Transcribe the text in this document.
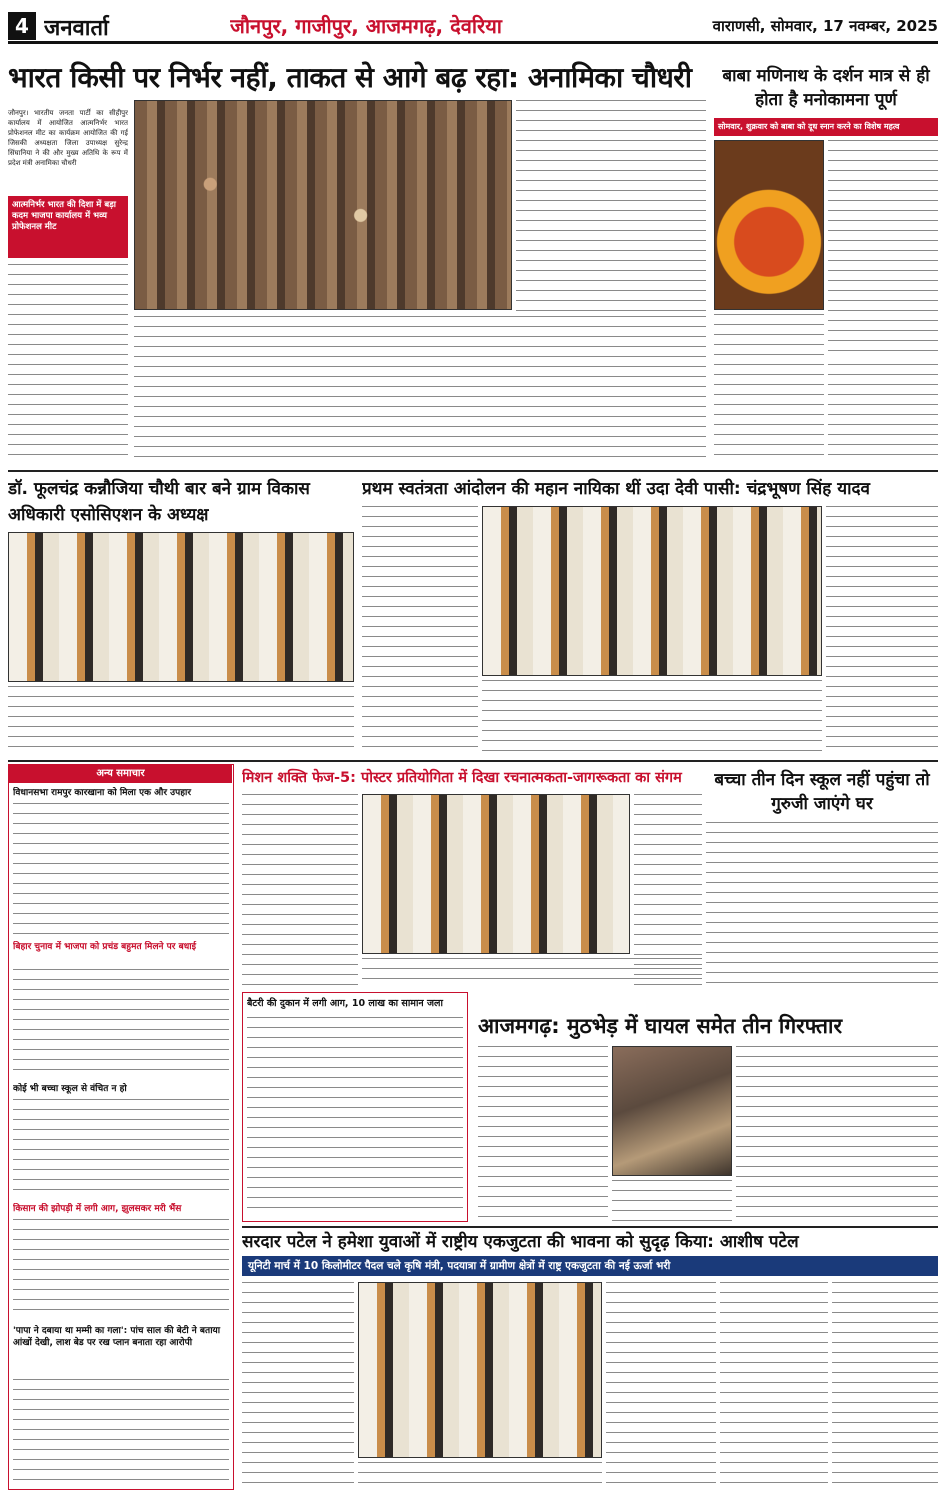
4 जनवार्ता	जौनपुर, गाजीपुर, आजमगढ़, देवरिया	वाराणसी, सोमवार, 17 नवम्बर, 2025
भारत किसी पर निर्भर नहीं, ताकत से आगे बढ़ रहा: अनामिका चौधरी
जौनपुर। भारतीय जनता पार्टी का सीहीपुर कार्यालय में आयोजित आत्मनिर्भर भारत प्रोफेशनल मीट का कार्यक्रम आयोजित की गई जिसकी अध्यक्षता जिला उपाध्यक्ष सुरेन्द्र सिंघानिया ने की और मुख्य अतिथि के रूप में प्रदेश मंत्री अनामिका चौधरी
आत्मनिर्भर भारत की दिशा में बड़ा कदम भाजपा कार्यालय में भव्य प्रोफेशनल मीट
बाबा मणिनाथ के दर्शन मात्र से ही होता है मनोकामना पूर्ण
सोमवार, शुक्रवार को बाबा को दूध स्नान करने का विशेष महत्व
डॉ. फूलचंद्र कन्नौजिया चौथी बार बने ग्राम विकास अधिकारी एसोसिएशन के अध्यक्ष
प्रथम स्वतंत्रता आंदोलन की महान नायिका थीं उदा देवी पासी: चंद्रभूषण सिंह यादव
अन्य समाचार
विधानसभा रामपुर कारखाना को मिला एक और उपहार
बिहार चुनाव में भाजपा को प्रचंड बहुमत मिलने पर बधाई
कोई भी बच्चा स्कूल से वंचित न हो
किसान की झोपड़ी में लगी आग, झुलसकर मरी भैंस
'पापा ने दबाया था मम्मी का गला': पांच साल की बेटी ने बताया आंखों देखी, लाश बेड पर रख प्लान बनाता रहा आरोपी
मिशन शक्ति फेज-5: पोस्टर प्रतियोगिता में दिखा रचनात्मकता-जागरूकता का संगम	बच्चा तीन दिन स्कूल नहीं पहुंचा तो गुरुजी जाएंगे घर
बैटरी की दुकान में लगी आग, 10 लाख का सामान जला
आजमगढ़: मुठभेड़ में घायल समेत तीन गिरफ्तार
सरदार पटेल ने हमेशा युवाओं में राष्ट्रीय एकजुटता की भावना को सुदृढ़ किया: आशीष पटेल
यूनिटी मार्च में 10 किलोमीटर पैदल चले कृषि मंत्री, पदयात्रा में ग्रामीण क्षेत्रों में राष्ट्र एकजुटता की नई ऊर्जा भरी
